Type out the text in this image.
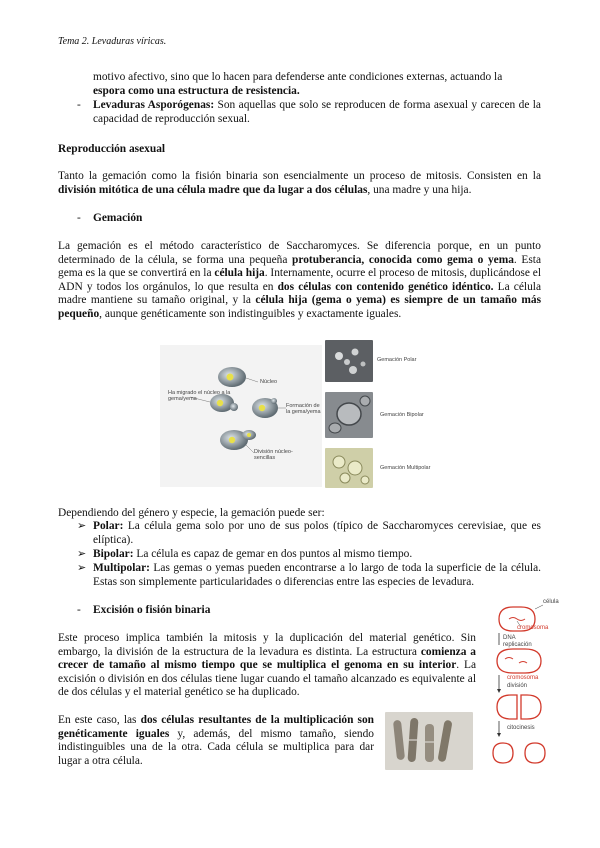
Tema 2. Levaduras víricas.
motivo afectivo, sino que lo hacen para defenderse ante condiciones externas, actuando la
espora como una estructura de resistencia.
- Levaduras Asporógenas: Son aquellas que solo se reproducen de forma asexual y carecen de la capacidad de reproducción sexual.
Reproducción asexual
Tanto la gemación como la fisión binaria son esencialmente un proceso de mitosis. Consisten en la división mitótica de una célula madre que da lugar a dos células, una madre y una hija.
- Gemación
La gemación es el método característico de Saccharomyces. Se diferencia porque, en un punto determinado de la célula, se forma una pequeña protuberancia, conocida como gema o yema. Esta gema es la que se convertirá en la célula hija. Internamente, ocurre el proceso de mitosis, duplicándose el ADN y todos los orgánulos, lo que resulta en dos células con contenido genético idéntico. La célula madre mantiene su tamaño original, y la célula hija (gema o yema) es siempre de un tamaño más pequeño, aunque genéticamente son indistinguibles y exactamente iguales.
Núcleo
Ha migrado el núcleo a la gema/yema
Formación de la gema/yema
División núcleo-sencillas
Gemación Polar
Gemación Bipolar
Gemación Multipolar
Dependiendo del género y especie, la gemación puede ser:
➢ Polar: La célula gema solo por uno de sus polos (típico de Saccharomyces cerevisiae, que es elíptica).
➢ Bipolar: La célula es capaz de gemar en dos puntos al mismo tiempo.
➢ Multipolar: Las gemas o yemas pueden encontrarse a lo largo de toda la superficie de la célula. Estas son simplemente particularidades o diferencias entre las especies de levadura.
- Excisión o fisión binaria
Este proceso implica también la mitosis y la duplicación del material genético. Sin embargo, la división de la estructura de la levadura es distinta. La estructura comienza a crecer de tamaño al mismo tiempo que se multiplica el genoma en su interior. La excisión o división en dos células tiene lugar cuando el tamaño alcanzado es equivalente al de dos células y el material genético se ha duplicado.
En este caso, las dos células resultantes de la multiplicación son genéticamente iguales y, además, del mismo tamaño, siendo indistinguibles una de la otra. Cada célula se multiplica para dar lugar a otra célula.
célula
cromosoma
DNA
replicación
cromosoma
división
citocinesis
